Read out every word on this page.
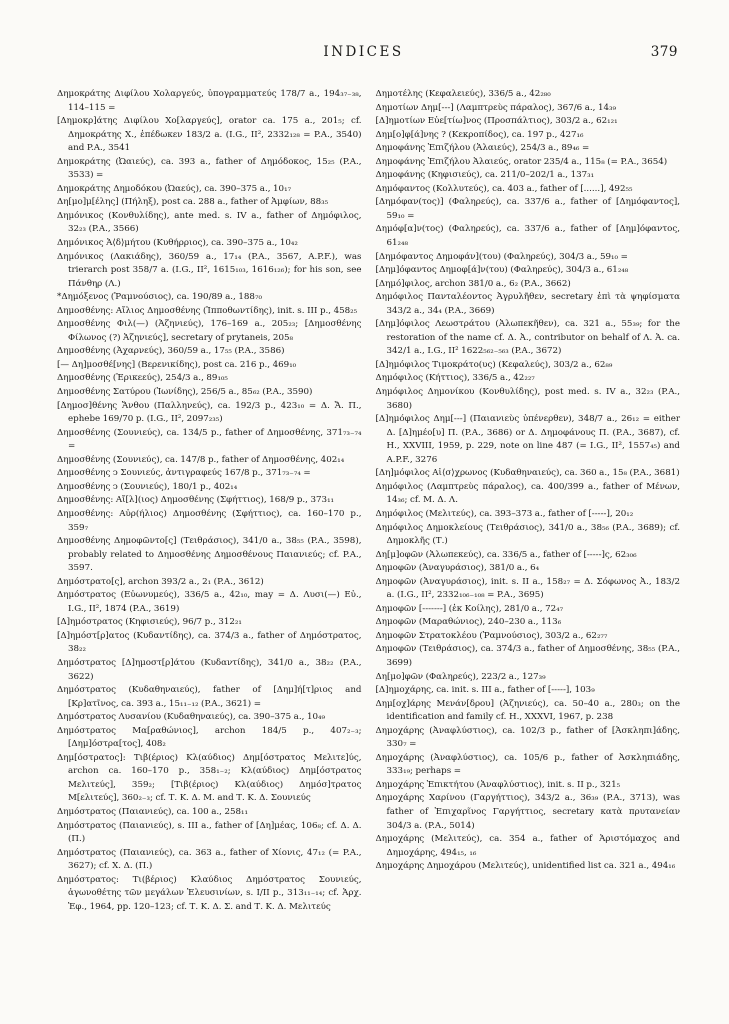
INDICES	379
Δημοκράτης Διφίλου Χολαργεύς, ὑπογραμματεύς 178/7 a., 194₃₇₋₃₈, 114–115 =
[Δημοκρ]άτης Διφίλου Χο[λαργεύς], orator ca. 175 a., 201₅; cf. Δημοκράτης Χ., ἐπέδωκεν 183/2 a. (I.G., II², 2332₁₂₈ = P.A., 3540) and P.A., 3541
Δημοκράτης (Ὠαιεύς), ca. 393 a., father of Δημόδοκος, 15₂₅ (P.A., 3533) =
Δημοκράτης Δημοδόκου (Ὠαεύς), ca. 390–375 a., 10₁₇
Δη[μο]μ[έλης] (Πήληξ), post ca. 288 a., father of Ἀμφίων, 88₃₅
Δημόνικος (Κονθυλίδης), ante med. s. IV a., father of Δημόφιλος, 32₂₃ (P.A., 3566)
Δημόνικος Ἀ⟨δ⟩μήτου (Κυθήρριος), ca. 390–375 a., 10₄₂
Δημόνικος (Λακιάδης), 360/59 a., 17₁₄ (P.A., 3567, A.P.F.), was trierarch post 358/7 a. (I.G., II², 1615₁₀₃, 1616₁₂₆); for his son, see Πάνθηρ (Λ.)
*Δημόξενος (Ῥαμνούσιος), ca. 190/89 a., 188₇₀
Δημοσθένης: Αἴλιος Δημοσθένης (Ἱπποθωντίδης), init. s. III p., 458₂₅
Δημοσθένης Φιλ(—) (Ἀζηνιεύς), 176–169 a., 205₂₃; [Δημοσθένης Φίλωνος (?) Ἀζηνιεύς], secretary of prytaneis, 205₈
Δημοσθένης (Ἀχαρνεύς), 360/59 a., 17₅₅ (P.A., 3586)
[— Δη]μοσθέ[νης] (Βερενικίδης), post ca. 216 p., 469₁₀
Δημοσθένης (Ἐρικεεύς), 254/3 a., 89₁₀₅
Δημοσθένης Σατύρου (Ἰωνίδης), 256/5 a., 85₆₂ (P.A., 3590)
[Δημοσ]θένης Ἄνθου (Παλληνεύς), ca. 192/3 p., 423₁₀ = Δ. Ἄ. Π., ephebe 169/70 p. (I.G., II², 2097₂₃₅)
Δημοσθένης (Σουνιεύς), ca. 134/5 p., father of Δημοσθένης, 371₇₃₋₇₄ =
Δημοσθένης (Σουνιεύς), ca. 147/8 p., father of Δημοσθένης, 402₁₄
Δημοσθένης ͻ Σουνιεύς, ἀντιγραφεύς 167/8 p., 371₇₃₋₇₄ =
Δημοσθένης ͻ (Σουνιεύς), 180/1 p., 402₁₄
Δημοσθένης: Αἴ[λ](ιος) Δημοσθένης (Σφήττιος), 168/9 p., 373₁₁
Δημοσθένης: Αὐρ(ήλιος) Δημοσθένης (Σφήττιος), ca. 160–170 p., 359₇
Δημοσθένης Δημοφῶντο[ς] (Τειθράσιος), 341/0 a., 38₅₅ (P.A., 3598), probably related to Δημοσθένης Δημοσθένους Παιανιεύς; cf. P.A., 3597.
Δημόστρατο[ς], archon 393/2 a., 2₁ (P.A., 3612)
Δημόστρατος (Εὐωνυμεύς), 336/5 a., 42₁₀, may = Δ. Λυσι(—) Εὐ., I.G., II², 1874 (P.A., 3619)
[Δ]ημόστρατος (Κηφισιεύς), 96/7 p., 312₂₁
[Δ]ημόστ[ρ]ατος (Κυδαντίδης), ca. 374/3 a., father of Δημόστρατος, 38₂₂
Δημόστρατος [Δ]ημοστ[ρ]άτου (Κυδαντίδης), 341/0 a., 38₂₂ (P.A., 3622)
Δημόστρατος (Κυδαθηναιεύς), father of [Δημ]ή[τ]ριος and [Κρ]ατῖνος, ca. 393 a., 15₁₁₋₁₂ (P.A., 3621) =
Δημόστρατος Λυσανίου (Κυδαθηναιεύς), ca. 390–375 a., 10₄₉
Δημόστρατος Μα[ραθώνιος], archon 184/5 p., 407₂₋₃; [Δημ]όστρα[τος], 408₂
Δημ[όστρατος]: Τιβ(έριος) Κλ(αύδιος) Δημ[όστρατος Μελιτε]ύς, archon ca. 160–170 p., 358₁₋₂; Κλ(αύδιος) Δημ[όστρατος Μελιτεύς], 359₂; [Τιβ(έριος) Κλ(αύδιος) Δημόσ]τρατος Μ[ελιτεύς], 360₂₋₃; cf. Τ. Κ. Δ. Μ. and Τ. Κ. Δ. Σουνιεύς
Δημόστρατος (Παιανιεύς), ca. 100 a., 258₁₁
Δημόστρατος (Παιανιεύς), s. III a., father of [Δη]μέας, 106₈; cf. Δ. Δ. (Π.)
Δημόστρατος (Παιανιεύς), ca. 363 a., father of Χίονις, 47₁₂ (= P.A., 3627); cf. Χ. Δ. (Π.)
Δημόστρατος: Τι(βέριος) Κλαύδιος Δημόστρατος Σουνιεύς, ἀγωνοθέτης τῶν μεγάλων Ἐλευσινίων, s. I/II p., 313₁₁₋₁₄; cf. Ἀρχ. Ἐφ., 1964, pp. 120–123; cf. Τ. Κ. Δ. Σ. and Τ. Κ. Δ. Μελιτεύς
Δημοτέλης (Κεφαλειεύς), 336/5 a., 42₂₈₀
Δημοτίων Δημ[---] (Λαμπτρεὺς πάραλος), 367/6 a., 14₃₉
[Δ]ημοτίων Εὐε[τίω]νος (Προσπάλτιος), 303/2 a., 62₁₂₁
Δημ[ο]φ[ά]νης ? (Κεκροπίδος), ca. 197 p., 427₁₆
Δημοφάνης Ἐπιζήλου (Ἁλαιεύς), 254/3 a., 89₄₆ =
Δημοφάνης Ἐπιζήλου Ἁλαιεύς, orator 235/4 a., 115₈ (= P.A., 3654)
Δημοφάνης (Κηφισιεύς), ca. 211/0–202/1 a., 137₃₁
Δημόφαντος (Κολλυτεύς), ca. 403 a., father of [......], 492₅₅
[Δημόφαν(τος)] (Φαληρεύς), ca. 337/6 a., father of [Δημόφαντος], 59₁₀ =
Δημόφ[α]ν(τος) (Φαληρεύς), ca. 337/6 a., father of [Δημ]όφαντος, 61₂₄₈
[Δημόφαντος Δημοφάν](του) (Φαληρεύς), 304/3 a., 59₁₀ =
[Δημ]όφαντος Δημοφ[ά]ν(του) (Φαληρεύς), 304/3 a., 61₂₄₈
[Δημό]φιλος, archon 381/0 a., 6₂ (P.A., 3662)
Δημόφιλος Πανταλέοντος Ἀγρυλῆθεν, secretary ἐπὶ τὰ ψηφίσματα 343/2 a., 34₄ (P.A., 3669)
[Δημ]όφιλος Λεωστράτου (Ἀλωπεκῆθεν), ca. 321 a., 55₃₉; for the restoration of the name cf. Δ. Ἀ., contributor on behalf of Λ. Ἀ. ca. 342/1 a., I.G., II² 1622₅₆₂₋₅₆₃ (P.A., 3672)
[Δ]ημόφιλος Τιμοκράτο(υς) (Κεφαλεύς), 303/2 a., 62₈₉
Δημόφιλος (Κήττιος), 336/5 a., 42₂₂₇
Δημόφιλος Δημονίκου (Κονθυλίδης), post med. s. IV a., 32₂₃ (P.A., 3680)
[Δ]ημόφιλος Δημ[---] (Παιανιεὺς ὑπένερθεν), 348/7 a., 26₁₂ = either Δ. [Δ]ημέο[υ] Π. (P.A., 3686) or Δ. Δημοφάνους Π. (P.A., 3687), cf. H., XXVIII, 1959, p. 229, note on line 487 (= I.G., II², 1557₄₅) and A.P.F., 3276
[Δη]μόφιλος Αἰ⟨σ⟩χρωνος (Κυδαθηναιεύς), ca. 360 a., 15₈ (P.A., 3681)
Δημόφιλος (Λαμπτρεὺς πάραλος), ca. 400/399 a., father of Μένων, 14₃₆; cf. Μ. Δ. Λ.
Δημόφιλος (Μελιτεύς), ca. 393–373 a., father of [-----], 20₁₂
Δημόφιλος Δημοκλείους (Τειθράσιος), 341/0 a., 38₅₆ (P.A., 3689); cf. Δημοκλῆς (Τ.)
Δη[μ]οφῶν (Ἀλωπεκεύς), ca. 336/5 a., father of [-----]ς, 62₃₀₆
Δημοφῶν (Ἀναγυράσιος), 381/0 a., 6₄
Δημοφῶν (Ἀναγυράσιος), init. s. II a., 158₂₇ = Δ. Σόφωνος Ἀ., 183/2 a. (I.G., II², 2332₁₀₆₋₁₀₈ = P.A., 3695)
Δημοφῶν [-------] (ἐκ Κοίλης), 281/0 a., 72₄₇
Δημοφῶν (Μαραθώνιος), 240–230 a., 113₆
Δημοφῶν Στρατοκλέου (Ῥαμνούσιος), 303/2 a., 62₂₇₇
Δημοφῶν (Τειθράσιος), ca. 374/3 a., father of Δημοσθένης, 38₅₅ (P.A., 3699)
Δη[μο]φῶν (Φαληρεύς), 223/2 a., 127₃₉
[Δ]ημοχάρης, ca. init. s. III a., father of [-----], 103₉
Δημ[οχ]άρης Μενάν[δρου] (Ἀζηνιεύς), ca. 50–40 a., 280₃; on the identification and family cf. H., XXXVI, 1967, p. 238
Δημοχάρης (Ἀναφλύστιος), ca. 102/3 p., father of [Ἀσκληπι]άδης, 330₇ =
Δημοχάρης (Ἀναφλύστιος), ca. 105/6 p., father of Ἀσκληπιάδης, 333₁₉; perhaps =
Δημοχάρης Ἐπικτήτου (Ἀναφλύστιος), init. s. II p., 321₅
Δημοχάρης Χαρίνου (Γαργήττιος), 343/2 a., 36₃₉ (P.A., 3713), was father of Ἐπιχαρῖνος Γαργήττιος, secretary κατὰ πρυτανείαν 304/3 a. (P.A., 5014)
Δημοχάρης (Μελιτεύς), ca. 354 a., father of Ἀριστόμαχος and Δημοχάρης, 494₁₅, ₁₆
Δημοχάρης Δημοχάρου (Μελιτεύς), unidentified list ca. 321 a., 494₁₆
